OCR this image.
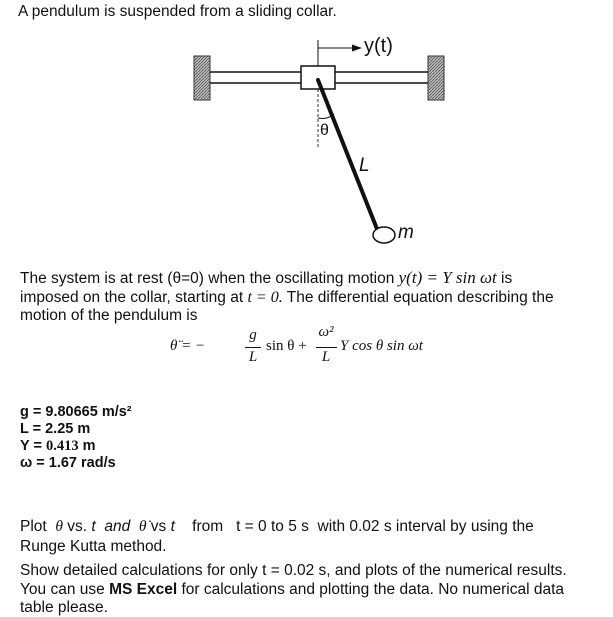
A pendulum is suspended from a sliding collar.
y(t)
θ
L
m
The system is at rest (θ=0) when the oscillating motion y(t) = Y sin ωt is
imposed on the collar, starting at t = 0. The differential equation describing the
motion of the pendulum is
θ̈ = −
g
L
sin θ +
ω²
L
Y cos θ sin ωt
g = 9.80665 m/s²
L = 2.25 m
Y = 0.413 m
ω = 1.67 rad/s
Plot θ vs. t and θ̇ vs t from t = 0 to 5 s with 0.02 s interval by using the
Runge Kutta method.
Show detailed calculations for only t = 0.02 s, and plots of the numerical results.
You can use MS Excel for calculations and plotting the data. No numerical data
table please.
